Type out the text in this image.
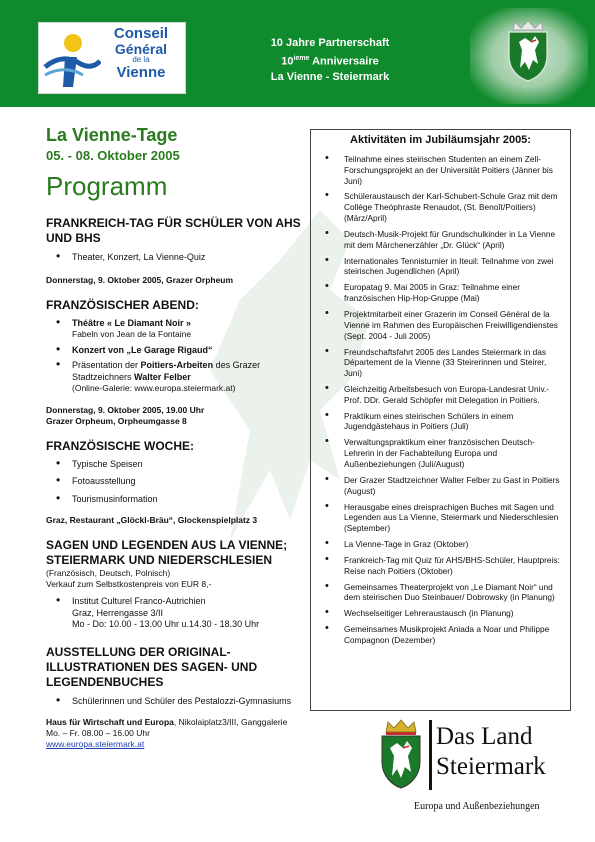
Conseil
Général
de la
Vienne
10 Jahre Partnerschaft
10ieme Anniversaire
La Vienne - Steiermark
La Vienne-Tage
05. - 08. Oktober 2005
Programm
FRANKREICH-TAG FÜR SCHÜLER VON AHS UND BHS
• Theater, Konzert, La Vienne-Quiz
Donnerstag, 9. Oktober 2005, Grazer Orpheum
FRANZÖSISCHER ABEND:
• Théâtre « Le Diamant Noir »
Fabeln von Jean de la Fontaine
• Konzert von „Le Garage Rigaud“
• Präsentation der Poitiers-Arbeiten des Grazer Stadtzeichners Walter Felber
(Online-Galerie: www.europa.steiermark.at)
Donnerstag, 9. Oktober 2005, 19.00 Uhr
Grazer Orpheum, Orpheumgasse 8
FRANZÖSISCHE WOCHE:
• Typische Speisen
• Fotoausstellung
• Tourismusinformation
Graz, Restaurant „Glöckl-Bräu“, Glockenspielplatz 3
SAGEN UND LEGENDEN AUS LA VIENNE; STEIERMARK UND NIEDERSCHLESIEN
(Französisch, Deutsch, Polnisch)
Verkauf zum Selbstkostenpreis von EUR 8,-
• Institut Culturel Franco-Autrichien
Graz, Herrengasse 3/II
Mo - Do: 10.00 - 13.00 Uhr u.14.30 - 18.30 Uhr
AUSSTELLUNG DER ORIGINAL-ILLUSTRATIONEN DES SAGEN- UND LEGENDENBUCHES
• Schülerinnen und Schüler des Pestalozzi-Gymnasiums
Haus für Wirtschaft und Europa, Nikolaiplatz3/III, Ganggalerie
Mo. – Fr. 08.00 – 16.00 Uhr
www.europa.steiermark.at
Aktivitäten im Jubiläumsjahr 2005:
• Teilnahme eines steirischen Studenten an einem Zell-Forschungsprojekt an der Universität Poitiers (Jänner bis Juni)
• Schüleraustausch der Karl-Schubert-Schule Graz mit dem Collège Theóphraste Renaudot, (St. Benoît/Poitiers) (März/April)
• Deutsch-Musik-Projekt für Grundschulkinder in La Vienne mit dem Märchenerzähler „Dr. Glück“ (April)
• Internationales Tennisturnier in Iteuil: Teilnahme von zwei steirischen Jugendlichen (April)
• Europatag 9. Mai 2005 in Graz: Teilnahme einer französischen Hip-Hop-Gruppe (Mai)
• Projektmitarbeit einer Grazerin im Conseil Général de la Vienne im Rahmen des Europäischen Freiwilligendienstes (Sept. 2004 - Juli 2005)
• Freundschaftsfahrt 2005 des Landes Steiermark in das Département de la Vienne (33 Steirerinnen und Steirer, Juni)
• Gleichzeitig Arbeitsbesuch von Europa-Landesrat Univ.-Prof. DDr. Gerald Schöpfer mit Delegation in Poitiers.
• Praktikum eines steirischen Schülers in einem Jugendgästehaus in Poitiers (Juli)
• Verwaltungspraktikum einer französischen Deutsch-Lehrerin in der Fachabteilung Europa und Außenbeziehungen (Juli/August)
• Der Grazer Stadtzeichner Walter Felber zu Gast in Poitiers (August)
• Herausgabe eines dreisprachigen Buches mit Sagen und Legenden aus La Vienne, Steiermark und Niederschlesien (September)
• La Vienne-Tage in Graz (Oktober)
• Frankreich-Tag mit Quiz für AHS/BHS-Schüler, Hauptpreis: Reise nach Poitiers (Oktober)
• Gemeinsames Theaterprojekt von „Le Diamant Noir“ und dem steirischen Duo Steinbauer/ Dobrowsky (in Planung)
• Wechselseitiger Lehreraustausch (in Planung)
• Gemeinsames Musikprojekt Aniada a Noar und Philippe Compagnon (Dezember)
Das Land
Steiermark
Europa und Außenbeziehungen
